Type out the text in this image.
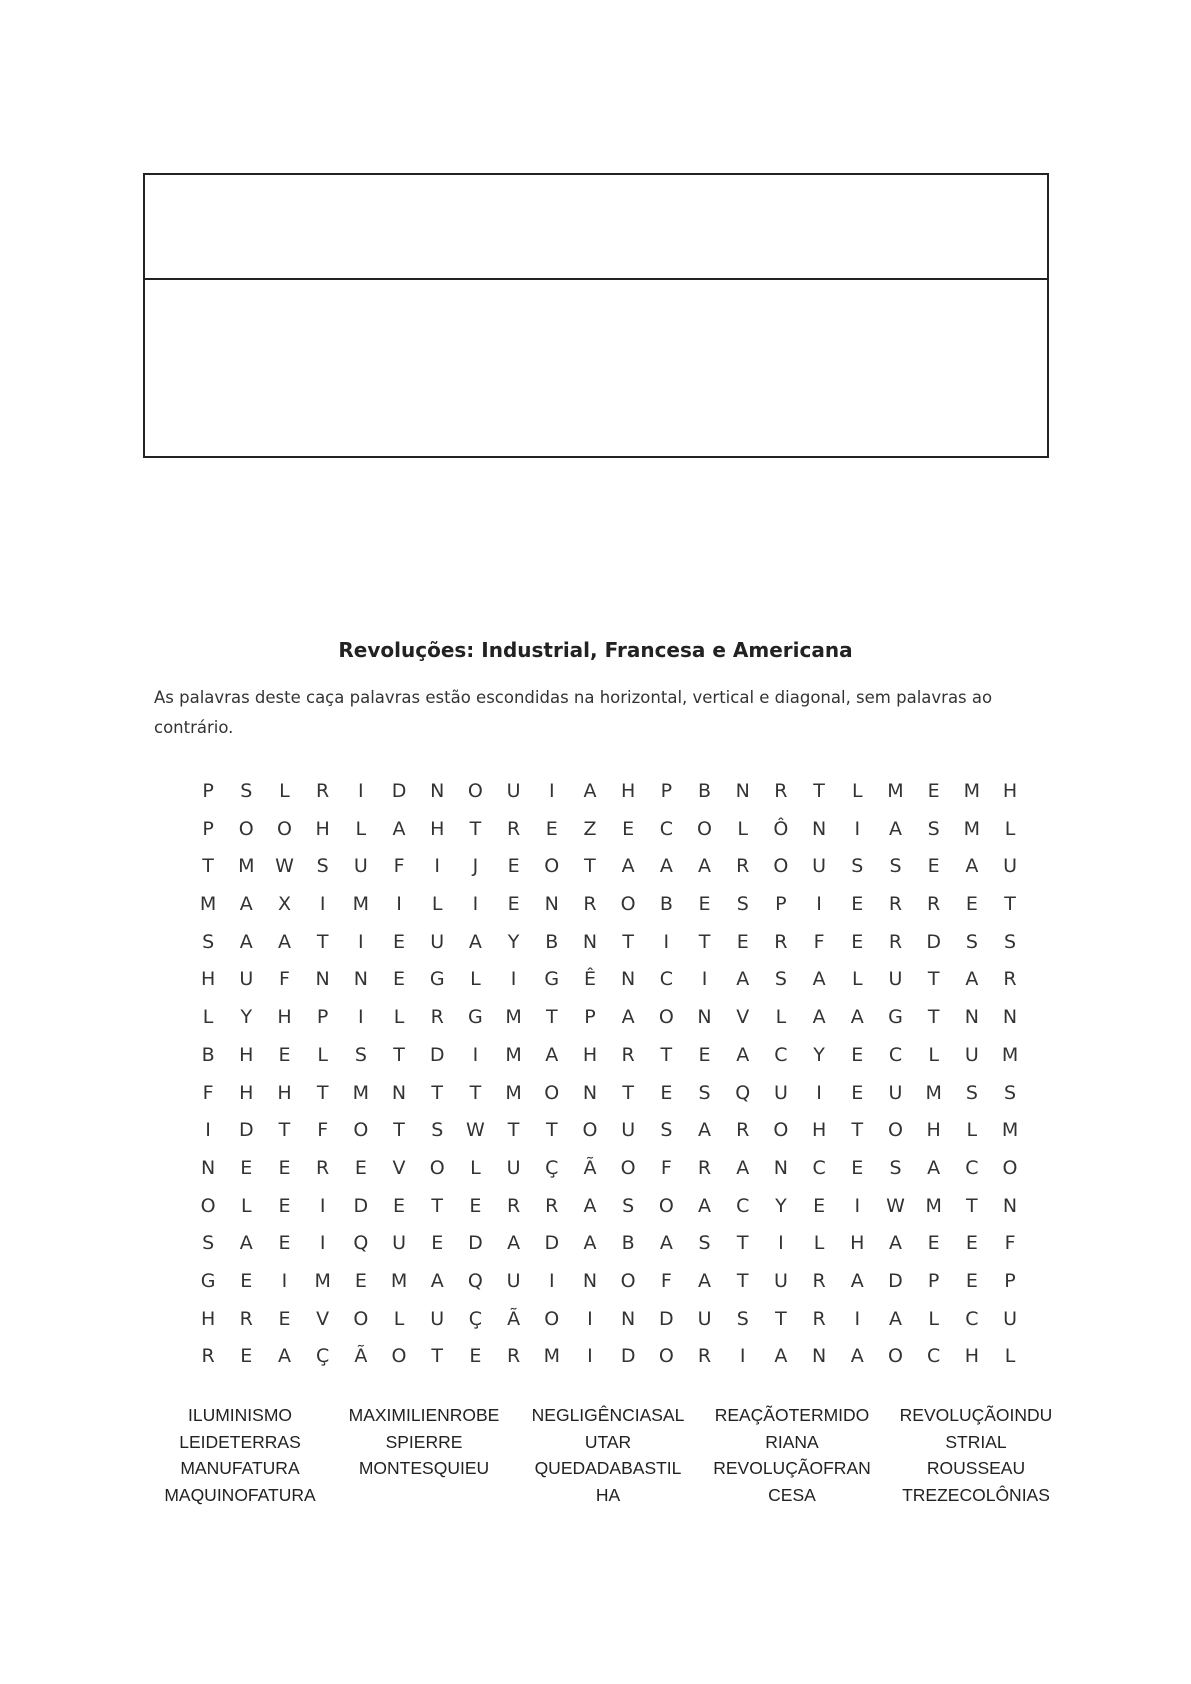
Revoluções: Industrial, Francesa e Americana
As palavras deste caça palavras estão escondidas na horizontal, vertical e diagonal, sem palavras ao contrário.
P	S	L	R	I	D	N	O	U	I	A	H	P	B	N	R	T	L	M	E	M	H
P	O	O	H	L	A	H	T	R	E	Z	E	C	O	L	Ô	N	I	A	S	M	L
T	M	W	S	U	F	I	J	E	O	T	A	A	A	R	O	U	S	S	E	A	U
M	A	X	I	M	I	L	I	E	N	R	O	B	E	S	P	I	E	R	R	E	T
S	A	A	T	I	E	U	A	Y	B	N	T	I	T	E	R	F	E	R	D	S	S
H	U	F	N	N	E	G	L	I	G	Ê	N	C	I	A	S	A	L	U	T	A	R
L	Y	H	P	I	L	R	G	M	T	P	A	O	N	V	L	A	A	G	T	N	N
B	H	E	L	S	T	D	I	M	A	H	R	T	E	A	C	Y	E	C	L	U	M
F	H	H	T	M	N	T	T	M	O	N	T	E	S	Q	U	I	E	U	M	S	S
I	D	T	F	O	T	S	W	T	T	O	U	S	A	R	O	H	T	O	H	L	M
N	E	E	R	E	V	O	L	U	Ç	Ã	O	F	R	A	N	C	E	S	A	C	O
O	L	E	I	D	E	T	E	R	R	A	S	O	A	C	Y	E	I	W	M	T	N
S	A	E	I	Q	U	E	D	A	D	A	B	A	S	T	I	L	H	A	E	E	F
G	E	I	M	E	M	A	Q	U	I	N	O	F	A	T	U	R	A	D	P	E	P
H	R	E	V	O	L	U	Ç	Ã	O	I	N	D	U	S	T	R	I	A	L	C	U
R	E	A	Ç	Ã	O	T	E	R	M	I	D	O	R	I	A	N	A	O	C	H	L
ILUMINISMO
LEIDETERRAS
MANUFATURA
MAQUINOFATURA
MAXIMILIENROBE
SPIERRE
MONTESQUIEU
NEGLIGÊNCIASAL
UTAR
QUEDADABASTIL
HA
REAÇÃOTERMIDO
RIANA
REVOLUÇÃOFRAN
CESA
REVOLUÇÃOINDU
STRIAL
ROUSSEAU
TREZECOLÔNIAS
